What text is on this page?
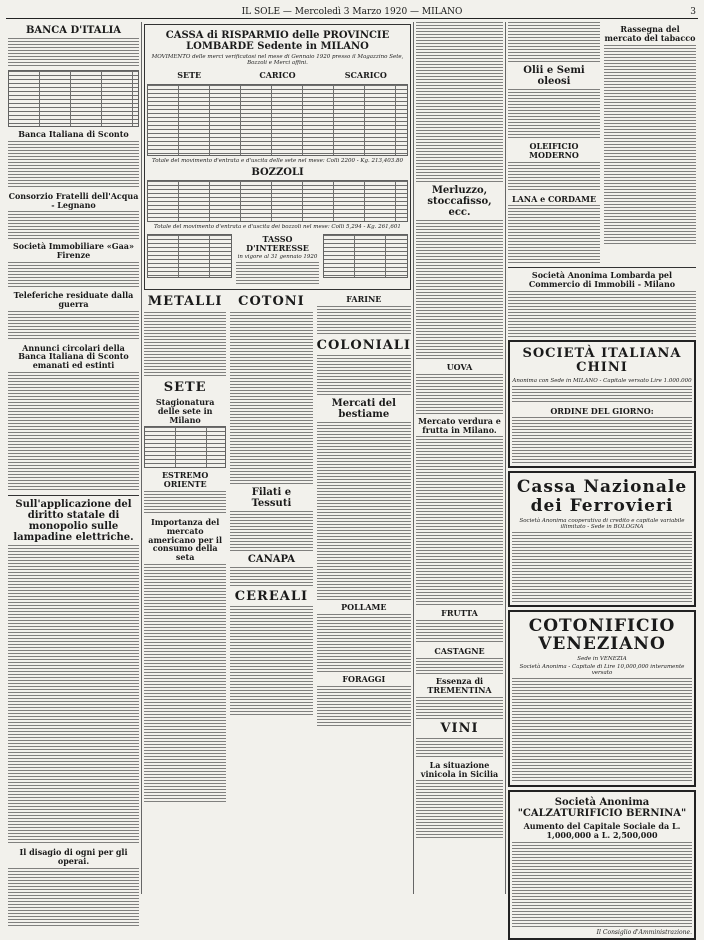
IL SOLE — Mercoledì 3 Marzo 1920 — MILANO	3
BANCA D'ITALIA
Banca Italiana di Sconto
Consorzio Fratelli dell'Acqua - Legnano
Società Immobiliare «Gaa» Firenze
Teleferiche residuate dalla guerra
Annunci circolari della Banca Italiana di Sconto emanati ed estinti
Sull'applicazione del diritto statale di monopolio sulle lampadine elettriche.
Il disagio di ogni per gli operai.
CASSA di RISPARMIO delle PROVINCIE LOMBARDE Sedente in MILANO
MOVIMENTO delle merci verificatosi nel mese di Gennaio 1920 presso il Magazzino Sete, Bozzoli e Merci affini.
SETE	CARICO	SCARICO
Totale del movimento d'entrata e d'uscita delle sete nel mese: Colli 2200 - Kg. 213,403.80
BOZZOLI
Totale del movimento d'entrata e d'uscita dei bozzoli nel mese: Colli 5,294 - Kg. 261,601
TASSO D'INTERESSE
in vigore al 31 gennaio 1920
METALLI
SETE
Stagionatura delle sete in Milano
ESTREMO ORIENTE
Importanza del mercato americano per il consumo della seta
COTONI
Filati e Tessuti
CANAPA
CEREALI
FARINE
COLONIALI
Mercati del bestiame
POLLAME
FORAGGI
Merluzzo, stoccafisso, ecc.
UOVA
Mercato verdura e frutta in Milano.
FRUTTA
CASTAGNE
Essenza di TREMENTINA
VINI
La situazione vinicola in Sicilia
Olii e Semi oleosi
OLEIFICIO MODERNO
LANA e CORDAME
Rassegna del mercato del tabacco
Società Anonima Lombarda pel Commercio di Immobili - Milano
SOCIETÀ ITALIANA CHINI
Anonima con Sede in MILANO - Capitale versato Lire 1.000.000
ORDINE DEL GIORNO:
Cassa Nazionale dei Ferrovieri
Società Anonima cooperativa di credito e capitale variabile illimitato - Sede in BOLOGNA
COTONIFICIO VENEZIANO
Sede in VENEZIA
Società Anonima - Capitale di Lire 10,000,000 interamente versato
Società Anonima "CALZATURIFICIO BERNINA"
Aumento del Capitale Sociale da L. 1,000,000 a L. 2,500,000
Il Consiglio d'Amministrazione.
